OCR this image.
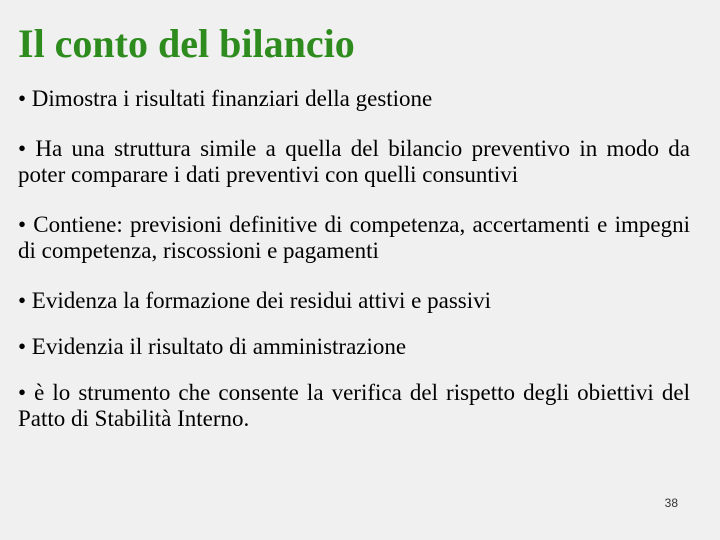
Il conto del bilancio
• Dimostra i risultati finanziari della gestione
• Ha una struttura simile a quella del bilancio preventivo in modo da poter comparare i dati preventivi con quelli consuntivi
• Contiene: previsioni definitive di competenza, accertamenti e impegni di competenza, riscossioni e pagamenti
• Evidenza la formazione dei residui attivi e passivi
• Evidenzia il risultato di amministrazione
• è lo strumento che consente la verifica del rispetto degli obiettivi del Patto di Stabilità Interno.
38
